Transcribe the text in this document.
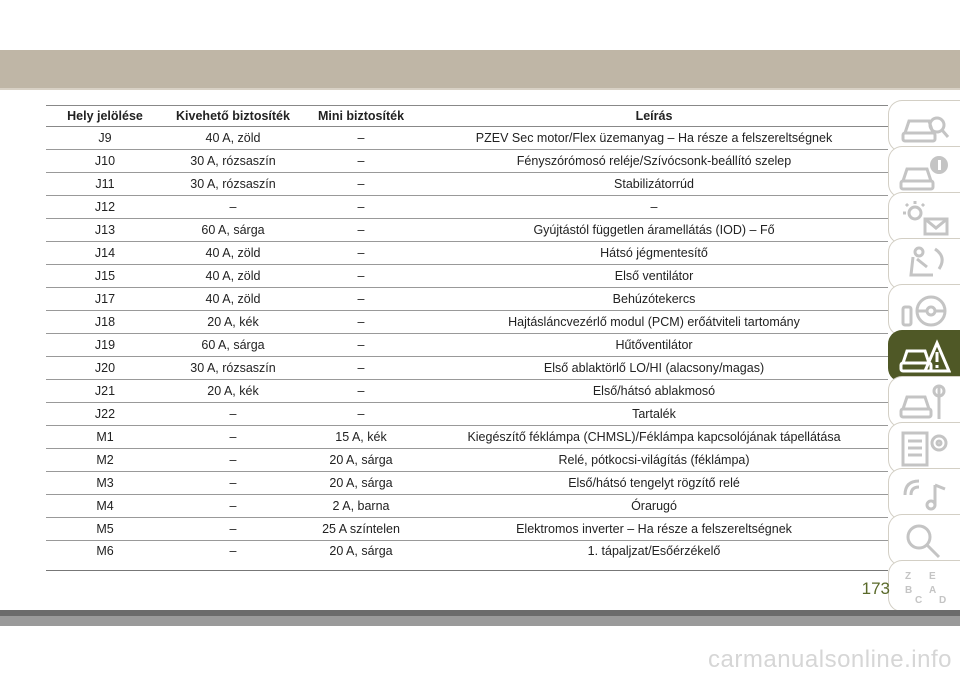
Hely jelölése	Kivehető biztosíték	Mini biztosíték	Leírás
J9	40 A, zöld	–	PZEV Sec motor/Flex üzemanyag – Ha része a felszereltségnek
J10	30 A, rózsaszín	–	Fényszórómosó reléje/Szívócsonk-beállító szelep
J11	30 A, rózsaszín	–	Stabilizátorrúd
J12	–	–	–
J13	60 A, sárga	–	Gyújtástól független áramellátás (IOD) – Fő
J14	40 A, zöld	–	Hátsó jégmentesítő
J15	40 A, zöld	–	Első ventilátor
J17	40 A, zöld	–	Behúzótekercs
J18	20 A, kék	–	Hajtásláncvezérlő modul (PCM) erőátviteli tartomány
J19	60 A, sárga	–	Hűtőventilátor
J20	30 A, rózsaszín	–	Első ablaktörlő LO/HI (alacsony/magas)
J21	20 A, kék	–	Első/hátsó ablakmosó
J22	–	–	Tartalék
M1	–	15 A, kék	Kiegészítő féklámpa (CHMSL)/Féklámpa kapcsolójának tápellátása
M2	–	20 A, sárga	Relé, pótkocsi-világítás (féklámpa)
M3	–	20 A, sárga	Első/hátsó tengelyt rögzítő relé
M4	–	2 A, barna	Órarugó
M5	–	25 A színtelen	Elektromos inverter – Ha része a felszereltségnek
M6	–	20 A, sárga	1. tápaljzat/Esőérzékelő
Z E
B A
C D
173
carmanualsonline.info
